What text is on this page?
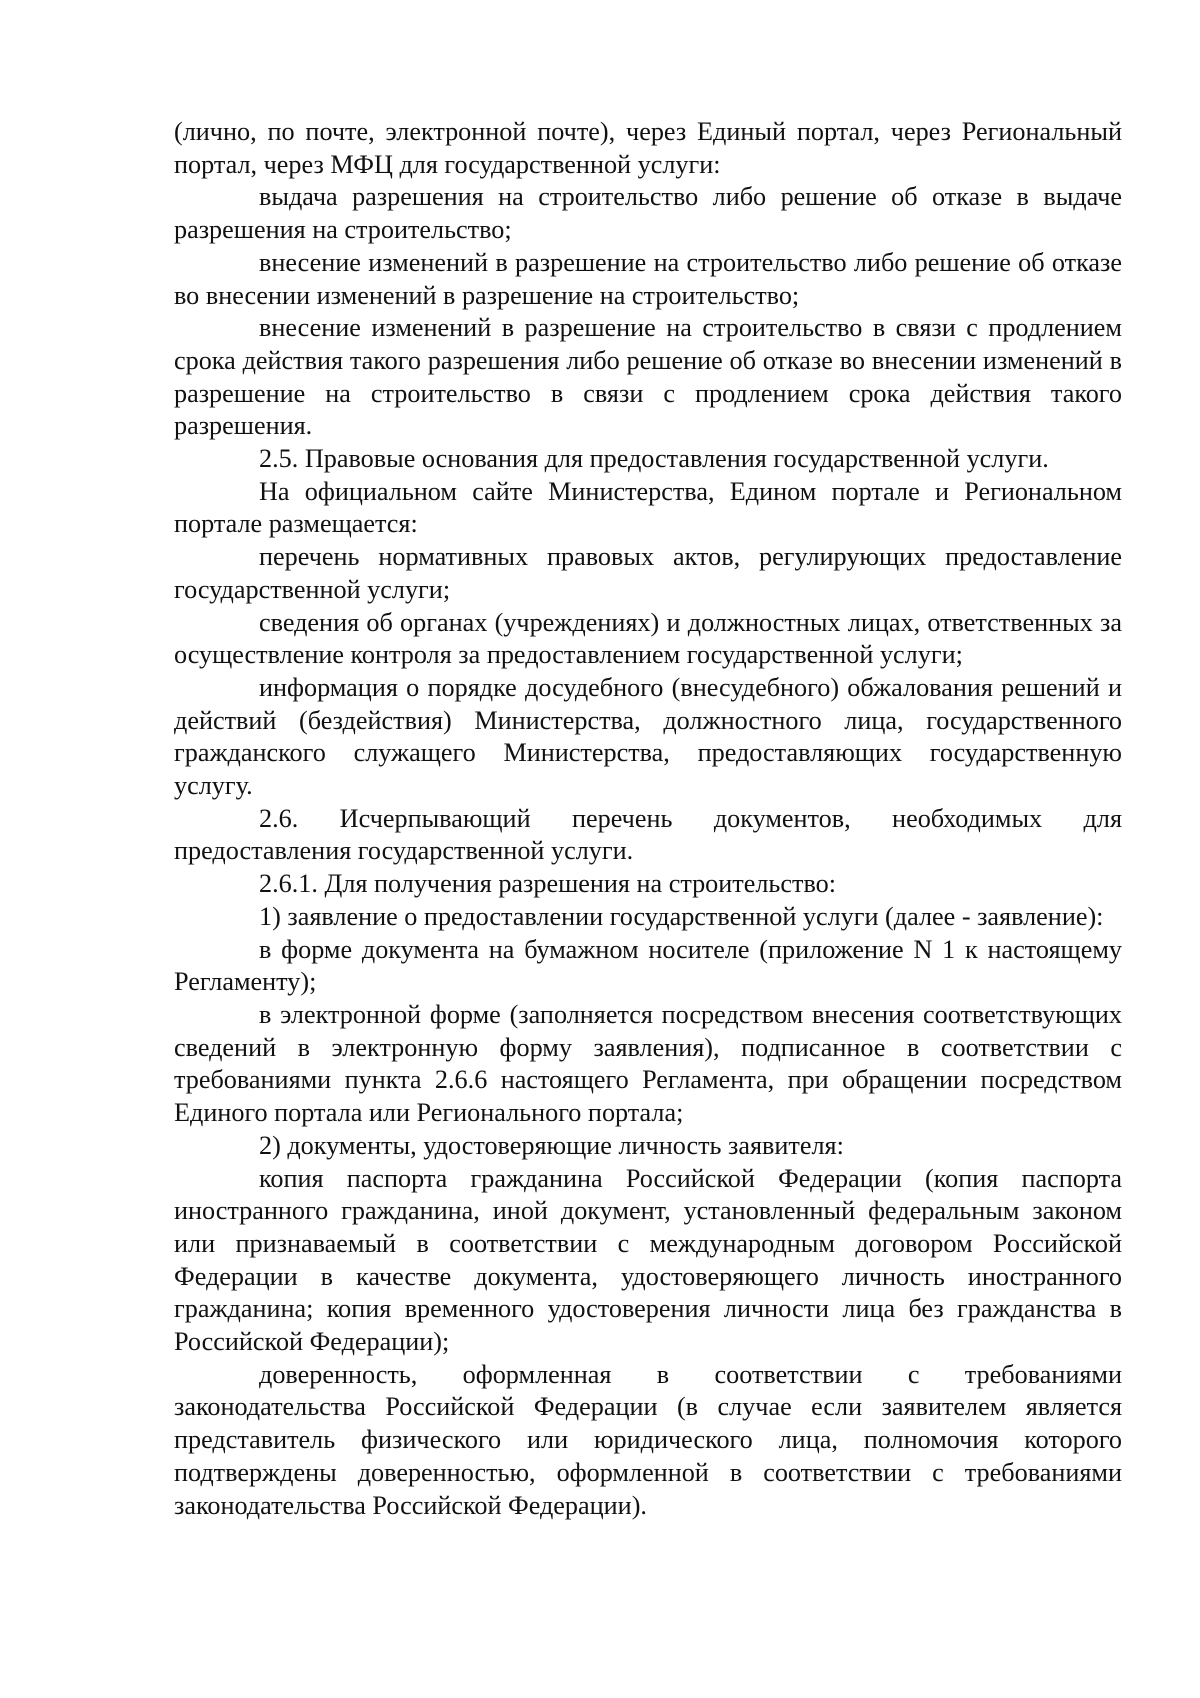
(лично, по почте, электронной почте), через Единый портал, через Региональный портал, через МФЦ для государственной услуги:

выдача разрешения на строительство либо решение об отказе в выдаче разрешения на строительство;

внесение изменений в разрешение на строительство либо решение об отказе во внесении изменений в разрешение на строительство;

внесение изменений в разрешение на строительство в связи с продлением срока действия такого разрешения либо решение об отказе во внесении изменений в разрешение на строительство в связи с продлением срока действия такого разрешения.

2.5. Правовые основания для предоставления государственной услуги.

На официальном сайте Министерства, Едином портале и Региональном портале размещается:

перечень нормативных правовых актов, регулирующих предоставление государственной услуги;

сведения об органах (учреждениях) и должностных лицах, ответственных за осуществление контроля за предоставлением государственной услуги;

информация о порядке досудебного (внесудебного) обжалования решений и действий (бездействия) Министерства, должностного лица, государственного гражданского служащего Министерства, предоставляющих государственную услугу.

2.6. Исчерпывающий перечень документов, необходимых для предоставления государственной услуги.

2.6.1. Для получения разрешения на строительство:

1) заявление о предоставлении государственной услуги (далее - заявление):

в форме документа на бумажном носителе (приложение N 1 к настоящему Регламенту);

в электронной форме (заполняется посредством внесения соответствующих сведений в электронную форму заявления), подписанное в соответствии с требованиями пункта 2.6.6 настоящего Регламента, при обращении посредством Единого портала или Регионального портала;

2) документы, удостоверяющие личность заявителя:

копия паспорта гражданина Российской Федерации (копия паспорта иностранного гражданина, иной документ, установленный федеральным законом или признаваемый в соответствии с международным договором Российской Федерации в качестве документа, удостоверяющего личность иностранного гражданина; копия временного удостоверения личности лица без гражданства в Российской Федерации);

доверенность, оформленная в соответствии с требованиями законодательства Российской Федерации (в случае если заявителем является представитель физического или юридического лица, полномочия которого подтверждены доверенностью, оформленной в соответствии с требованиями законодательства Российской Федерации).
